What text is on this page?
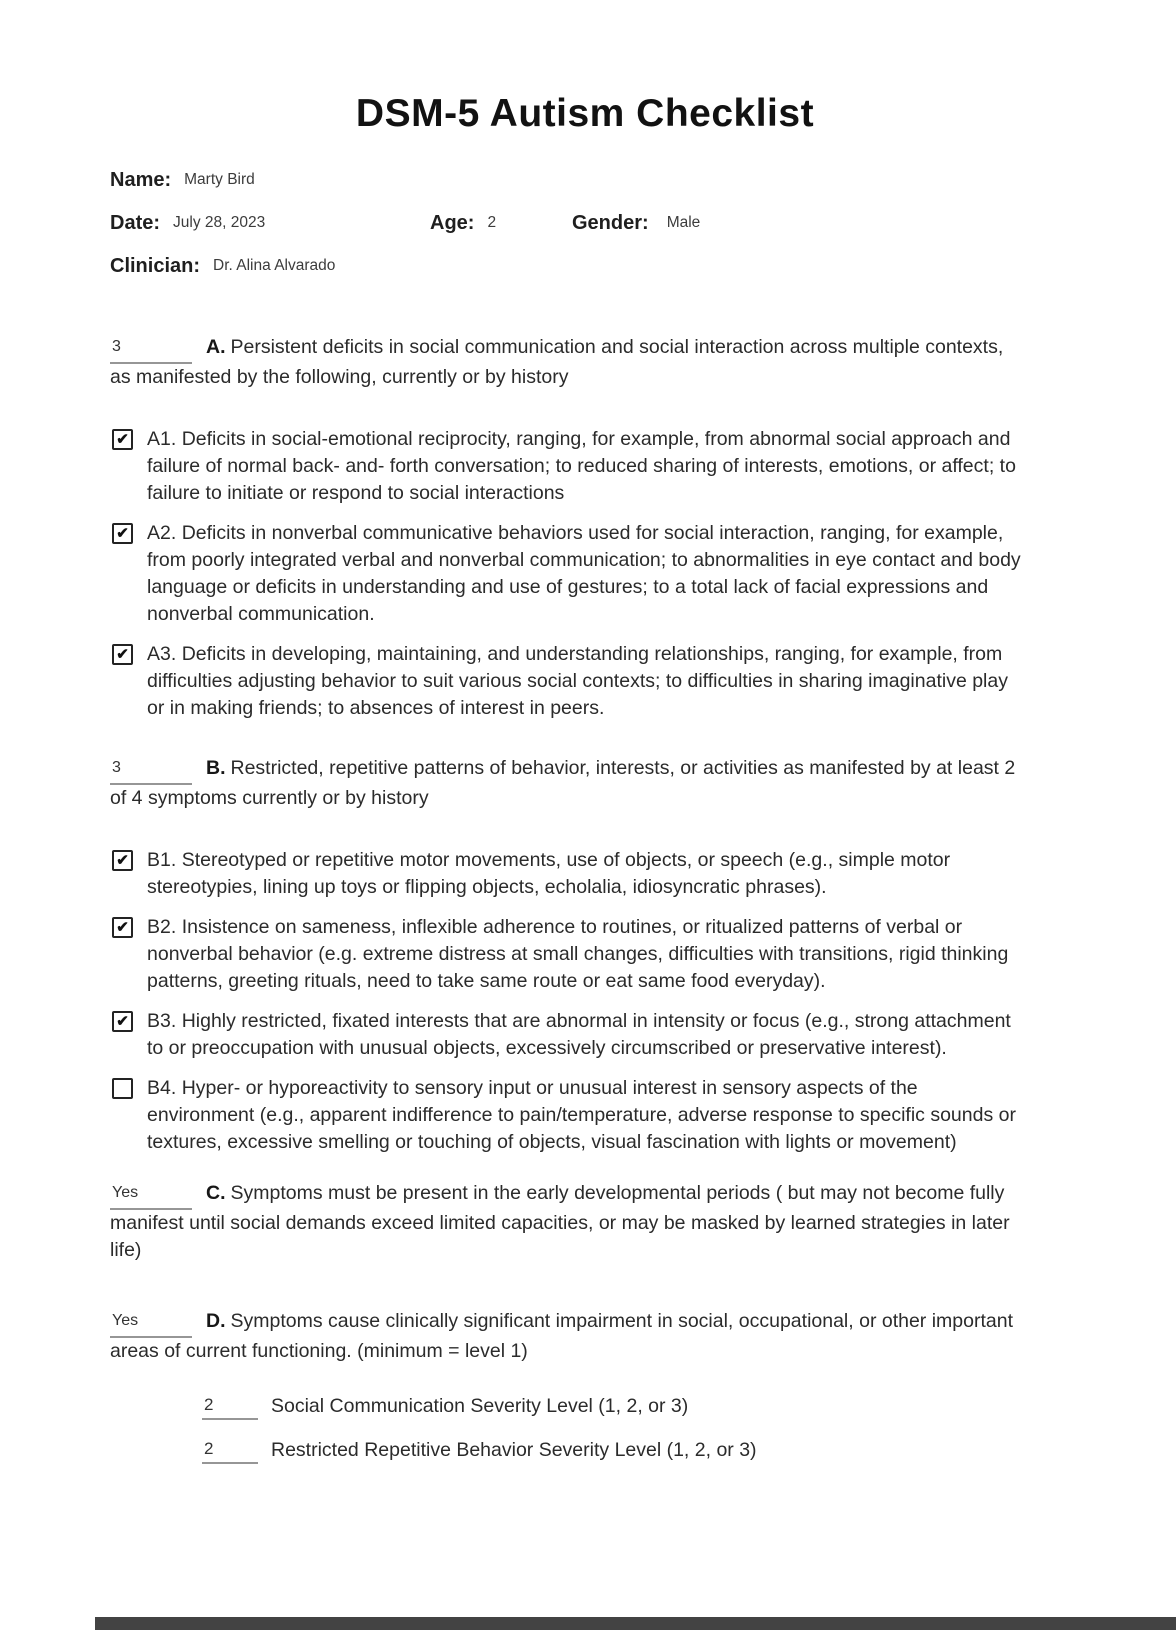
DSM-5 Autism Checklist
Name: Marty Bird
Date: July 28, 2023	Age: 2	Gender: Male
Clinician: Dr. Alina Alvarado
3	A. Persistent deficits in social communication and social interaction across multiple contexts, as manifested by the following, currently or by history
✔ A1. Deficits in social-emotional reciprocity, ranging, for example, from abnormal social approach and failure of normal back- and- forth conversation; to reduced sharing of interests, emotions, or affect; to failure to initiate or respond to social interactions
✔ A2. Deficits in nonverbal communicative behaviors used for social interaction, ranging, for example, from poorly integrated verbal and nonverbal communication; to abnormalities in eye contact and body language or deficits in understanding and use of gestures; to a total lack of facial expressions and nonverbal communication.
✔ A3. Deficits in developing, maintaining, and understanding relationships, ranging, for example, from difficulties adjusting behavior to suit various social contexts; to difficulties in sharing imaginative play or in making friends; to absences of interest in peers.
3	B. Restricted, repetitive patterns of behavior, interests, or activities as manifested by at least 2 of 4 symptoms currently or by history
✔ B1. Stereotyped or repetitive motor movements, use of objects, or speech (e.g., simple motor stereotypies, lining up toys or flipping objects, echolalia, idiosyncratic phrases).
✔ B2. Insistence on sameness, inflexible adherence to routines, or ritualized patterns of verbal or nonverbal behavior (e.g. extreme distress at small changes, difficulties with transitions, rigid thinking patterns, greeting rituals, need to take same route or eat same food everyday).
✔ B3. Highly restricted, fixated interests that are abnormal in intensity or focus (e.g., strong attachment to or preoccupation with unusual objects, excessively circumscribed or preservative interest).
B4. Hyper- or hyporeactivity to sensory input or unusual interest in sensory aspects of the environment (e.g., apparent indifference to pain/temperature, adverse response to specific sounds or textures, excessive smelling or touching of objects, visual fascination with lights or movement)
Yes	C. Symptoms must be present in the early developmental periods ( but may not become fully manifest until social demands exceed limited capacities, or may be masked by learned strategies in later life)
Yes	D. Symptoms cause clinically significant impairment in social, occupational, or other important areas of current functioning. (minimum = level 1)
2	Social Communication Severity Level (1, 2, or 3)
2	Restricted Repetitive Behavior Severity Level (1, 2, or 3)
